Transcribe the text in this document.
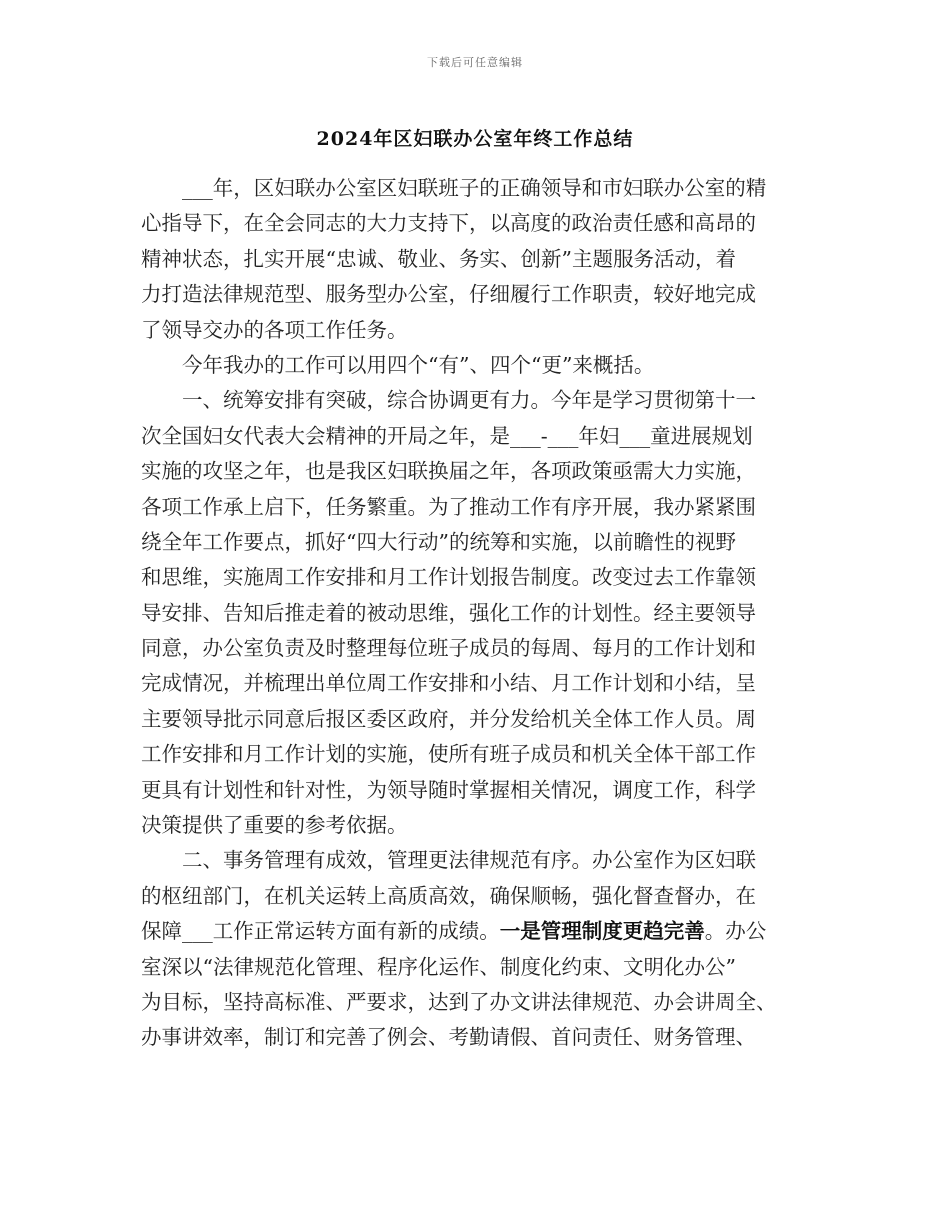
下载后可任意编辑
2024年区妇联办公室年终工作总结
　　___年，区妇联办公室区妇联班子的正确领导和市妇联办公室的精
心指导下，在全会同志的大力支持下，以高度的政治责任感和高昂的
精神状态，扎实开展“忠诚、敬业、务实、创新”主题服务活动，着
力打造法律规范型、服务型办公室，仔细履行工作职责，较好地完成
了领导交办的各项工作任务。
　　今年我办的工作可以用四个“有”、四个“更”来概括。
　　一、统筹安排有突破，综合协调更有力。今年是学习贯彻第十一
次全国妇女代表大会精神的开局之年，是___-___年妇___童进展规划
实施的攻坚之年，也是我区妇联换届之年，各项政策亟需大力实施，
各项工作承上启下，任务繁重。为了推动工作有序开展，我办紧紧围
绕全年工作要点，抓好“四大行动”的统筹和实施，以前瞻性的视野
和思维，实施周工作安排和月工作计划报告制度。改变过去工作靠领
导安排、告知后推走着的被动思维，强化工作的计划性。经主要领导
同意，办公室负责及时整理每位班子成员的每周、每月的工作计划和
完成情况，并梳理出单位周工作安排和小结、月工作计划和小结，呈
主要领导批示同意后报区委区政府，并分发给机关全体工作人员。周
工作安排和月工作计划的实施，使所有班子成员和机关全体干部工作
更具有计划性和针对性，为领导随时掌握相关情况，调度工作，科学
决策提供了重要的参考依据。
　　二、事务管理有成效，管理更法律规范有序。办公室作为区妇联
的枢纽部门，在机关运转上高质高效，确保顺畅，强化督查督办，在
保障___工作正常运转方面有新的成绩。一是管理制度更趋完善。办公
室深以“法律规范化管理、程序化运作、制度化约束、文明化办公”
为目标，坚持高标准、严要求，达到了办文讲法律规范、办会讲周全、
办事讲效率，制订和完善了例会、考勤请假、首问责任、财务管理、
